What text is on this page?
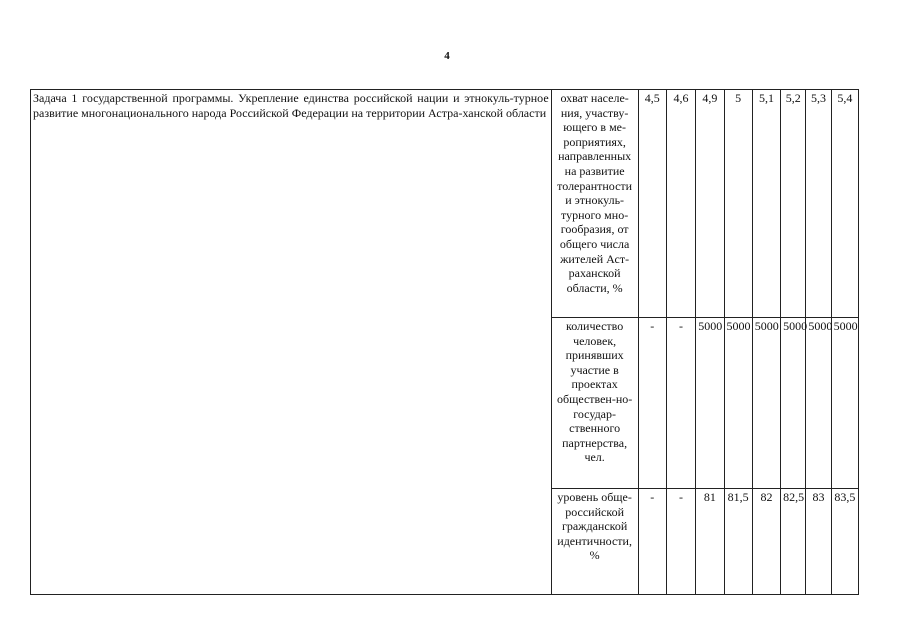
4
Задача 1 государственной программы. Укрепление единства российской нации и этнокуль-турное развитие многонационального народа Российской Федерации на территории Астра-ханской области	охват населе-ния, участву-ющего в ме-роприятиях, направленных на развитие толерантности и этнокуль-турного мно-гообразия, от общего числа жителей Аст-раханской области, %	4,5	4,6	4,9	5	5,1	5,2	5,3	5,4
	количество человек, принявших участие в проектах обществен-но-государ-ственного партнерства, чел.	-	-	5000	5000	5000	5000	5000	5000
	уровень обще-российской гражданской идентичности, %	-	-	81	81,5	82	82,5	83	83,5
